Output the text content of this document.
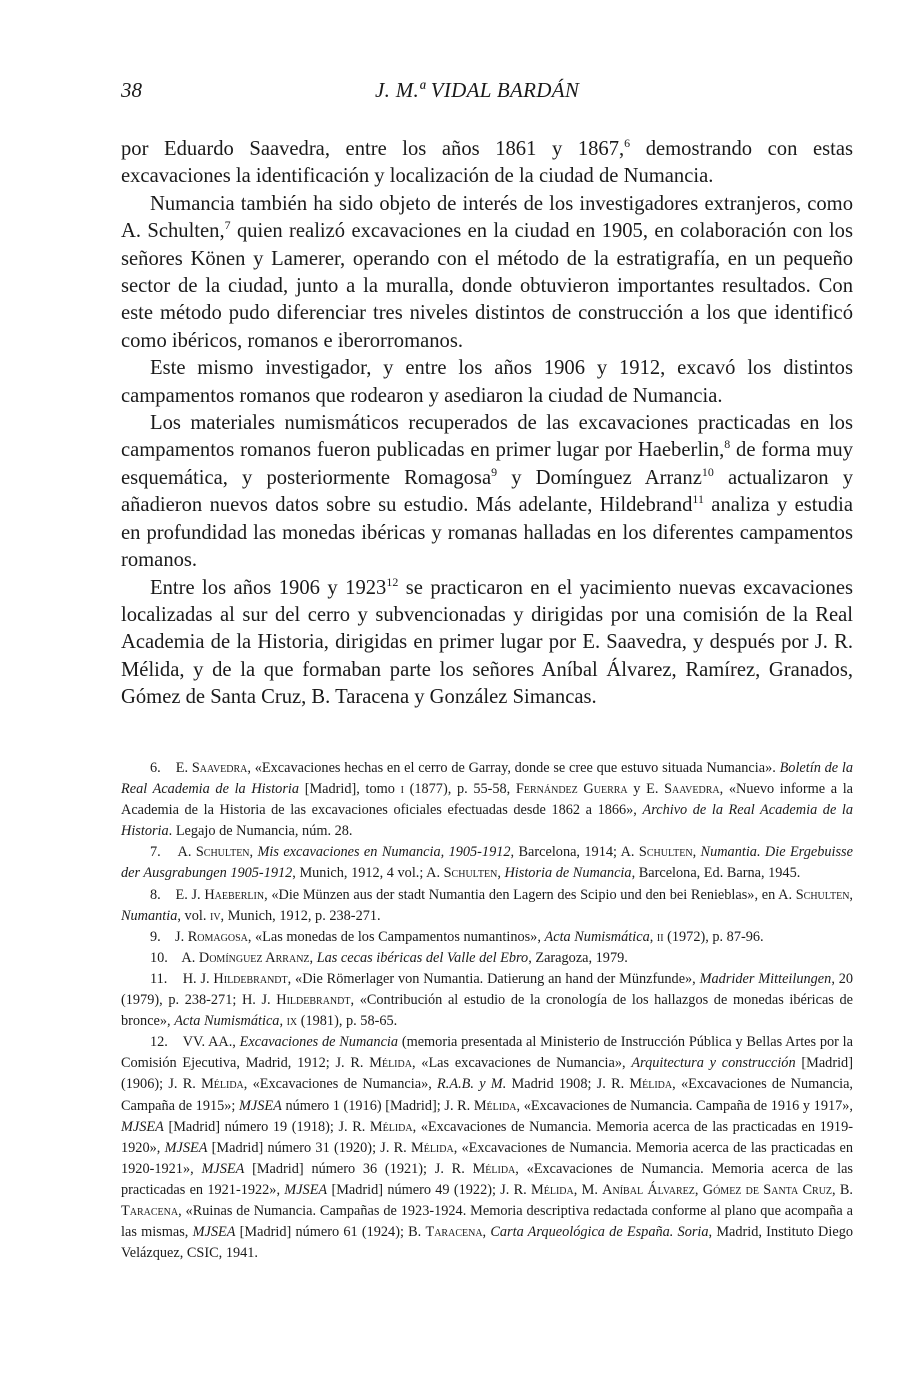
38	J. M.ª VIDAL BARDÁN

por Eduardo Saavedra, entre los años 1861 y 1867,$^6$ demostrando con estas excavaciones la identificación y localización de la ciudad de Numancia.

Numancia también ha sido objeto de interés de los investigadores extranjeros, como A. Schulten,$^7$ quien realizó excavaciones en la ciudad en 1905, en colaboración con los señores Könen y Lamerer, operando con el método de la estratigrafía, en un pequeño sector de la ciudad, junto a la muralla, donde obtuvieron importantes resultados. Con este método pudo diferenciar tres niveles distintos de construcción a los que identificó como ibéricos, romanos e iberorromanos.

Este mismo investigador, y entre los años 1906 y 1912, excavó los distintos campamentos romanos que rodearon y asediaron la ciudad de Numancia.

Los materiales numismáticos recuperados de las excavaciones practicadas en los campamentos romanos fueron publicadas en primer lugar por Haeberlin,$^8$ de forma muy esquemática, y posteriormente Romagosa$^9$ y Domínguez Arranz$^{10}$ actualizaron y añadieron nuevos datos sobre su estudio. Más adelante, Hildebrand$^{11}$ analiza y estudia en profundidad las monedas ibéricas y romanas halladas en los diferentes campamentos romanos.

Entre los años 1906 y 1923$^{12}$ se practicaron en el yacimiento nuevas excavaciones localizadas al sur del cerro y subvencionadas y dirigidas por una comisión de la Real Academia de la Historia, dirigidas en primer lugar por E. Saavedra, y después por J. R. Mélida, y de la que formaban parte los señores Aníbal Álvarez, Ramírez, Granados, Gómez de Santa Cruz, B. Taracena y González Simancas.

6. E. Saavedra, «Excavaciones hechas en el cerro de Garray, donde se cree que estuvo situada Numancia». Boletín de la Real Academia de la Historia [Madrid], tomo i (1877), p. 55-58, Fernández Guerra y E. Saavedra, «Nuevo informe a la Academia de la Historia de las excavaciones oficiales efectuadas desde 1862 a 1866», Archivo de la Real Academia de la Historia. Legajo de Numancia, núm. 28.

7. A. Schulten, Mis excavaciones en Numancia, 1905-1912, Barcelona, 1914; A. Schulten, Numantia. Die Ergebuisse der Ausgrabungen 1905-1912, Munich, 1912, 4 vol.; A. Schulten, Historia de Numancia, Barcelona, Ed. Barna, 1945.

8. E. J. Haeberlin, «Die Münzen aus der stadt Numantia den Lagern des Scipio und den bei Renieblas», en A. Schulten, Numantia, vol. iv, Munich, 1912, p. 238-271.

9. J. Romagosa, «Las monedas de los Campamentos numantinos», Acta Numismática, ii (1972), p. 87-96.

10. A. Domínguez Arranz, Las cecas ibéricas del Valle del Ebro, Zaragoza, 1979.

11. H. J. Hildebrandt, «Die Römerlager von Numantia. Datierung an hand der Münzfunde», Madrider Mitteilungen, 20 (1979), p. 238-271; H. J. Hildebrandt, «Contribución al estudio de la cronología de los hallazgos de monedas ibéricas de bronce», Acta Numismática, ix (1981), p. 58-65.

12. VV. AA., Excavaciones de Numancia (memoria presentada al Ministerio de Instrucción Pública y Bellas Artes por la Comisión Ejecutiva, Madrid, 1912; J. R. Mélida, «Las excavaciones de Numancia», Arquitectura y construcción [Madrid] (1906); J. R. Mélida, «Excavaciones de Numancia», R.A.B. y M. Madrid 1908; J. R. Mélida, «Excavaciones de Numancia, Campaña de 1915»; MJSEA número 1 (1916) [Madrid]; J. R. Mélida, «Excavaciones de Numancia. Campaña de 1916 y 1917», MJSEA [Madrid] número 19 (1918); J. R. Mélida, «Excavaciones de Numancia. Memoria acerca de las practicadas en 1919-1920», MJSEA [Madrid] número 31 (1920); J. R. Mélida, «Excavaciones de Numancia. Memoria acerca de las practicadas en 1920-1921», MJSEA [Madrid] número 36 (1921); J. R. Mélida, «Excavaciones de Numancia. Memoria acerca de las practicadas en 1921-1922», MJSEA [Madrid] número 49 (1922); J. R. Mélida, M. Aníbal Álvarez, Gómez de Santa Cruz, B. Taracena, «Ruinas de Numancia. Campañas de 1923-1924. Memoria descriptiva redactada conforme al plano que acompaña a las mismas, MJSEA [Madrid] número 61 (1924); B. Taracena, Carta Arqueológica de España. Soria, Madrid, Instituto Diego Velázquez, CSIC, 1941.
